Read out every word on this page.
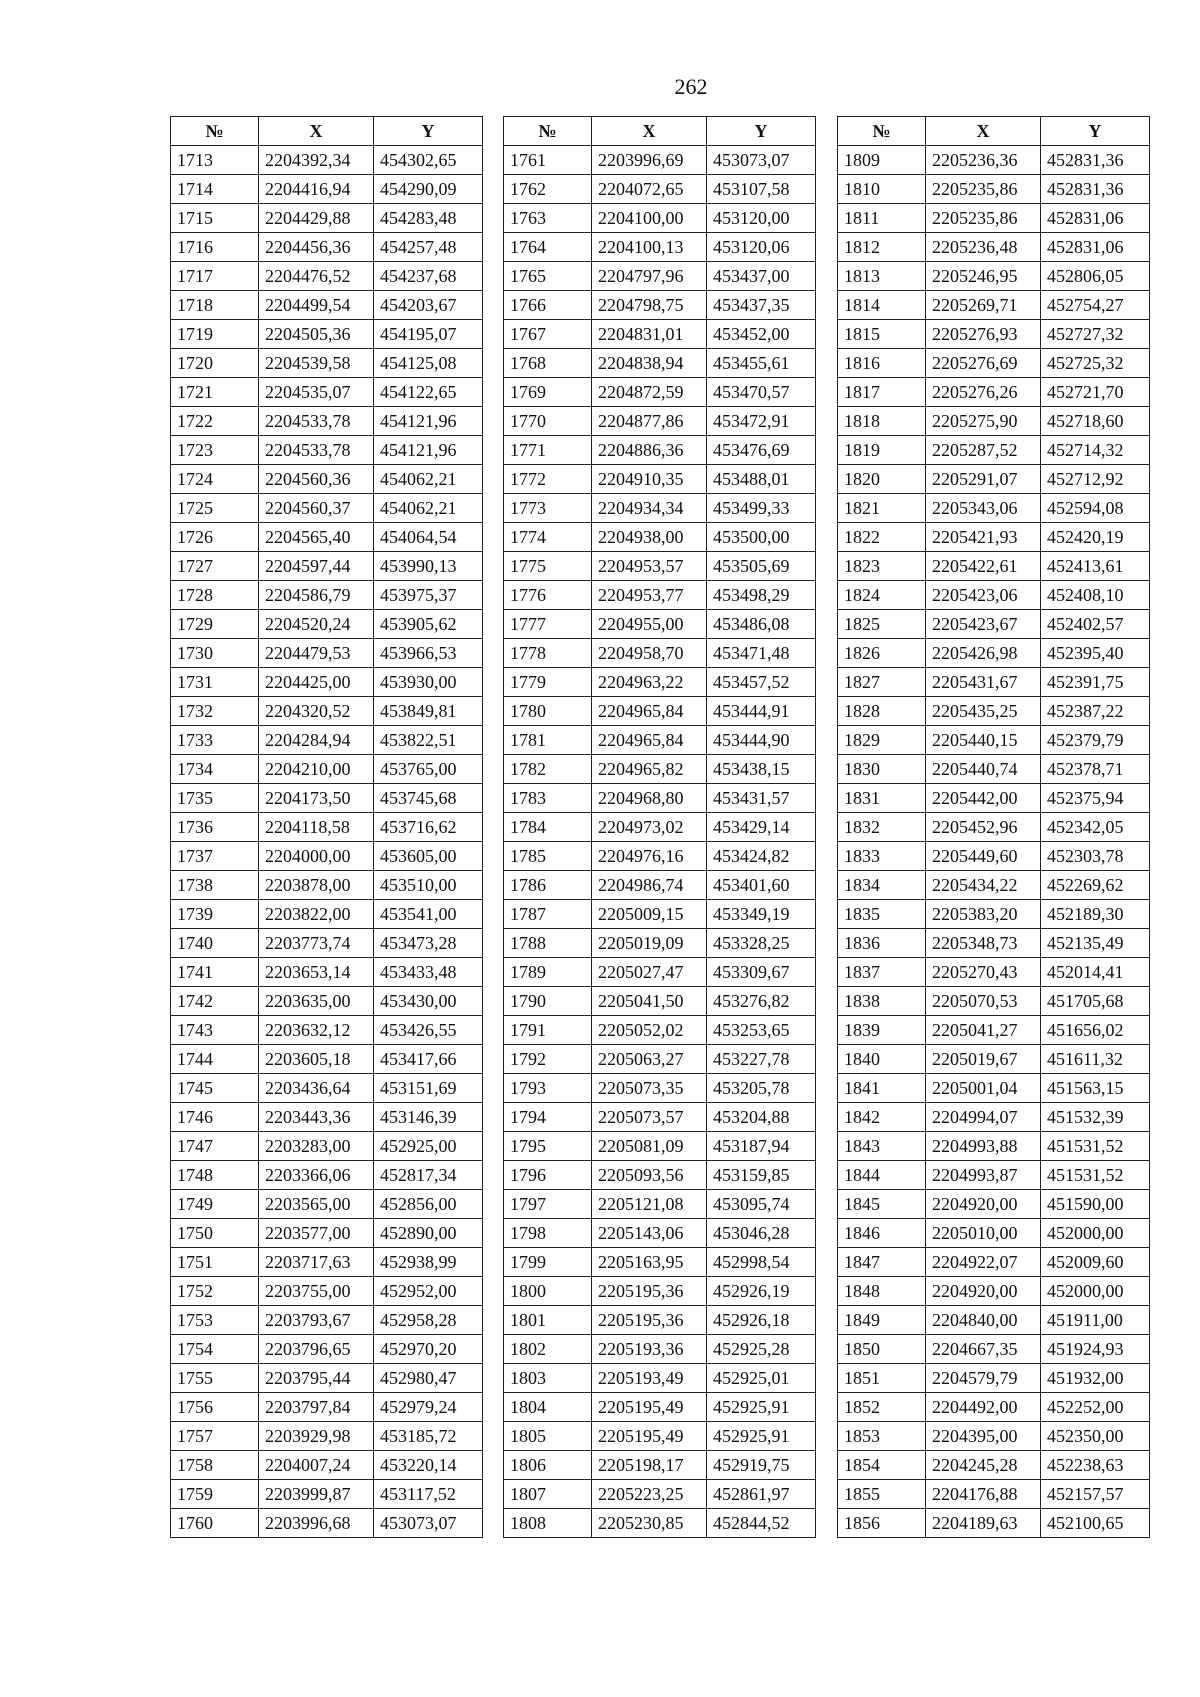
262
№	X	Y
1713	2204392,34	454302,65
1714	2204416,94	454290,09
1715	2204429,88	454283,48
1716	2204456,36	454257,48
1717	2204476,52	454237,68
1718	2204499,54	454203,67
1719	2204505,36	454195,07
1720	2204539,58	454125,08
1721	2204535,07	454122,65
1722	2204533,78	454121,96
1723	2204533,78	454121,96
1724	2204560,36	454062,21
1725	2204560,37	454062,21
1726	2204565,40	454064,54
1727	2204597,44	453990,13
1728	2204586,79	453975,37
1729	2204520,24	453905,62
1730	2204479,53	453966,53
1731	2204425,00	453930,00
1732	2204320,52	453849,81
1733	2204284,94	453822,51
1734	2204210,00	453765,00
1735	2204173,50	453745,68
1736	2204118,58	453716,62
1737	2204000,00	453605,00
1738	2203878,00	453510,00
1739	2203822,00	453541,00
1740	2203773,74	453473,28
1741	2203653,14	453433,48
1742	2203635,00	453430,00
1743	2203632,12	453426,55
1744	2203605,18	453417,66
1745	2203436,64	453151,69
1746	2203443,36	453146,39
1747	2203283,00	452925,00
1748	2203366,06	452817,34
1749	2203565,00	452856,00
1750	2203577,00	452890,00
1751	2203717,63	452938,99
1752	2203755,00	452952,00
1753	2203793,67	452958,28
1754	2203796,65	452970,20
1755	2203795,44	452980,47
1756	2203797,84	452979,24
1757	2203929,98	453185,72
1758	2204007,24	453220,14
1759	2203999,87	453117,52
1760	2203996,68	453073,07
№	X	Y
1761	2203996,69	453073,07
1762	2204072,65	453107,58
1763	2204100,00	453120,00
1764	2204100,13	453120,06
1765	2204797,96	453437,00
1766	2204798,75	453437,35
1767	2204831,01	453452,00
1768	2204838,94	453455,61
1769	2204872,59	453470,57
1770	2204877,86	453472,91
1771	2204886,36	453476,69
1772	2204910,35	453488,01
1773	2204934,34	453499,33
1774	2204938,00	453500,00
1775	2204953,57	453505,69
1776	2204953,77	453498,29
1777	2204955,00	453486,08
1778	2204958,70	453471,48
1779	2204963,22	453457,52
1780	2204965,84	453444,91
1781	2204965,84	453444,90
1782	2204965,82	453438,15
1783	2204968,80	453431,57
1784	2204973,02	453429,14
1785	2204976,16	453424,82
1786	2204986,74	453401,60
1787	2205009,15	453349,19
1788	2205019,09	453328,25
1789	2205027,47	453309,67
1790	2205041,50	453276,82
1791	2205052,02	453253,65
1792	2205063,27	453227,78
1793	2205073,35	453205,78
1794	2205073,57	453204,88
1795	2205081,09	453187,94
1796	2205093,56	453159,85
1797	2205121,08	453095,74
1798	2205143,06	453046,28
1799	2205163,95	452998,54
1800	2205195,36	452926,19
1801	2205195,36	452926,18
1802	2205193,36	452925,28
1803	2205193,49	452925,01
1804	2205195,49	452925,91
1805	2205195,49	452925,91
1806	2205198,17	452919,75
1807	2205223,25	452861,97
1808	2205230,85	452844,52
№	X	Y
1809	2205236,36	452831,36
1810	2205235,86	452831,36
1811	2205235,86	452831,06
1812	2205236,48	452831,06
1813	2205246,95	452806,05
1814	2205269,71	452754,27
1815	2205276,93	452727,32
1816	2205276,69	452725,32
1817	2205276,26	452721,70
1818	2205275,90	452718,60
1819	2205287,52	452714,32
1820	2205291,07	452712,92
1821	2205343,06	452594,08
1822	2205421,93	452420,19
1823	2205422,61	452413,61
1824	2205423,06	452408,10
1825	2205423,67	452402,57
1826	2205426,98	452395,40
1827	2205431,67	452391,75
1828	2205435,25	452387,22
1829	2205440,15	452379,79
1830	2205440,74	452378,71
1831	2205442,00	452375,94
1832	2205452,96	452342,05
1833	2205449,60	452303,78
1834	2205434,22	452269,62
1835	2205383,20	452189,30
1836	2205348,73	452135,49
1837	2205270,43	452014,41
1838	2205070,53	451705,68
1839	2205041,27	451656,02
1840	2205019,67	451611,32
1841	2205001,04	451563,15
1842	2204994,07	451532,39
1843	2204993,88	451531,52
1844	2204993,87	451531,52
1845	2204920,00	451590,00
1846	2205010,00	452000,00
1847	2204922,07	452009,60
1848	2204920,00	452000,00
1849	2204840,00	451911,00
1850	2204667,35	451924,93
1851	2204579,79	451932,00
1852	2204492,00	452252,00
1853	2204395,00	452350,00
1854	2204245,28	452238,63
1855	2204176,88	452157,57
1856	2204189,63	452100,65
